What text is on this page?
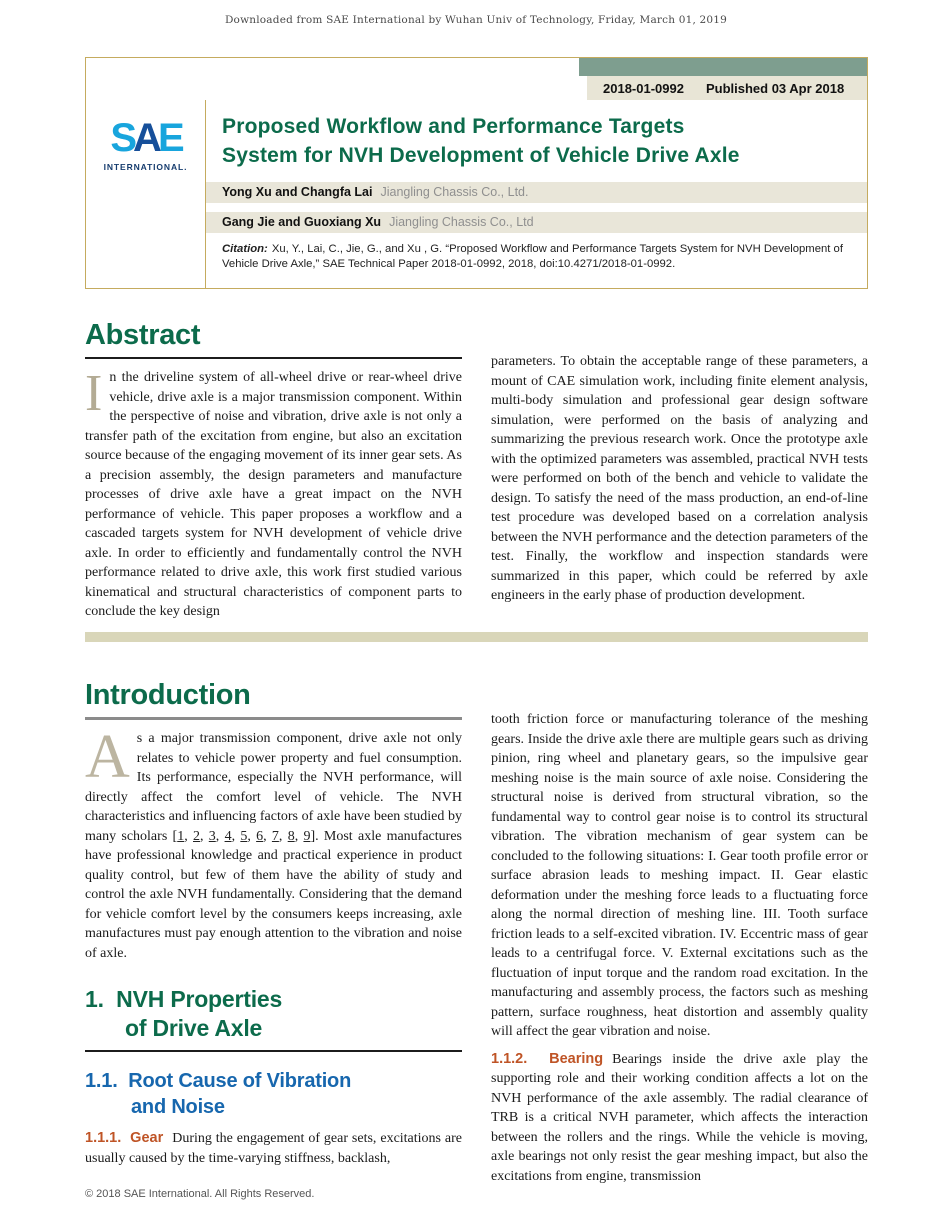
Downloaded from SAE International by Wuhan Univ of Technology, Friday, March 01, 2019
2018-01-0992 Published 03 Apr 2018
SAE
INTERNATIONAL.
Proposed Workflow and Performance Targets
System for NVH Development of Vehicle Drive Axle
Yong Xu and Changfa Lai Jiangling Chassis Co., Ltd.
Gang Jie and Guoxiang Xu Jiangling Chassis Co., Ltd
Citation: Xu, Y., Lai, C., Jie, G., and Xu , G. “Proposed Workflow and Performance Targets System for NVH Development of Vehicle Drive Axle,” SAE Technical Paper 2018-01-0992, 2018, doi:10.4271/2018-01-0992.
Abstract

In the driveline system of all-wheel drive or rear-wheel drive vehicle, drive axle is a major transmission component. Within the perspective of noise and vibration, drive axle is not only a transfer path of the excitation from engine, but also an excitation source because of the engaging movement of its inner gear sets. As a precision assembly, the design parameters and manufacture processes of drive axle have a great impact on the NVH performance of vehicle. This paper proposes a workflow and a cascaded targets system for NVH development of vehicle drive axle. In order to efficiently and fundamentally control the NVH performance related to drive axle, this work first studied various kinematical and structural characteristics of component parts to conclude the key design

parameters. To obtain the acceptable range of these parameters, a mount of CAE simulation work, including finite element analysis, multi-body simulation and professional gear design software simulation, were performed on the basis of analyzing and summarizing the previous research work. Once the prototype axle with the optimized parameters was assembled, practical NVH tests were performed on both of the bench and vehicle to validate the design. To satisfy the need of the mass production, an end-of-line test procedure was developed based on a correlation analysis between the NVH performance and the detection parameters of the test. Finally, the workflow and inspection standards were summarized in this paper, which could be referred by axle engineers in the early phase of production development.

Introduction

As a major transmission component, drive axle not only relates to vehicle power property and fuel consumption. Its performance, especially the NVH performance, will directly affect the comfort level of vehicle. The NVH characteristics and influencing factors of axle have been studied by many scholars [1, 2, 3, 4, 5, 6, 7, 8, 9]. Most axle manufactures have professional knowledge and practical experience in product quality control, but few of them have the ability of study and control the axle NVH fundamentally. Considering that the demand for vehicle comfort level by the consumers keeps increasing, axle manufactures must pay enough attention to the vibration and noise of axle.

1.  NVH Properties
of Drive Axle
1.1.  Root Cause of Vibration
and Noise

1.1.1.  Gear During the engagement of gear sets, excitations are usually caused by the time-varying stiffness, backlash,

tooth friction force or manufacturing tolerance of the meshing gears. Inside the drive axle there are multiple gears such as driving pinion, ring wheel and planetary gears, so the impulsive gear meshing noise is the main source of axle noise. Considering the structural noise is derived from structural vibration, so the fundamental way to control gear noise is to control its structural vibration. The vibration mechanism of gear system can be concluded to the following situations: I. Gear tooth profile error or surface abrasion leads to meshing impact. II. Gear elastic deformation under the meshing force leads to a fluctuating force along the normal direction of meshing line. III. Tooth surface friction leads to a self-excited vibration. IV. Eccentric mass of gear leads to a centrifugal force. V. External excitations such as the fluctuation of input torque and the random road excitation. In the manufacturing and assembly process, the factors such as meshing pattern, surface roughness, heat distortion and assembly quality will affect the gear vibration and noise.

1.1.2.  Bearing Bearings inside the drive axle play the supporting role and their working condition affects a lot on the NVH performance of the axle assembly. The radial clearance of TRB is a critical NVH parameter, which affects the interaction between the rollers and the rings. While the vehicle is moving, axle bearings not only resist the gear meshing impact, but also the excitations from engine, transmission

© 2018 SAE International. All Rights Reserved.
